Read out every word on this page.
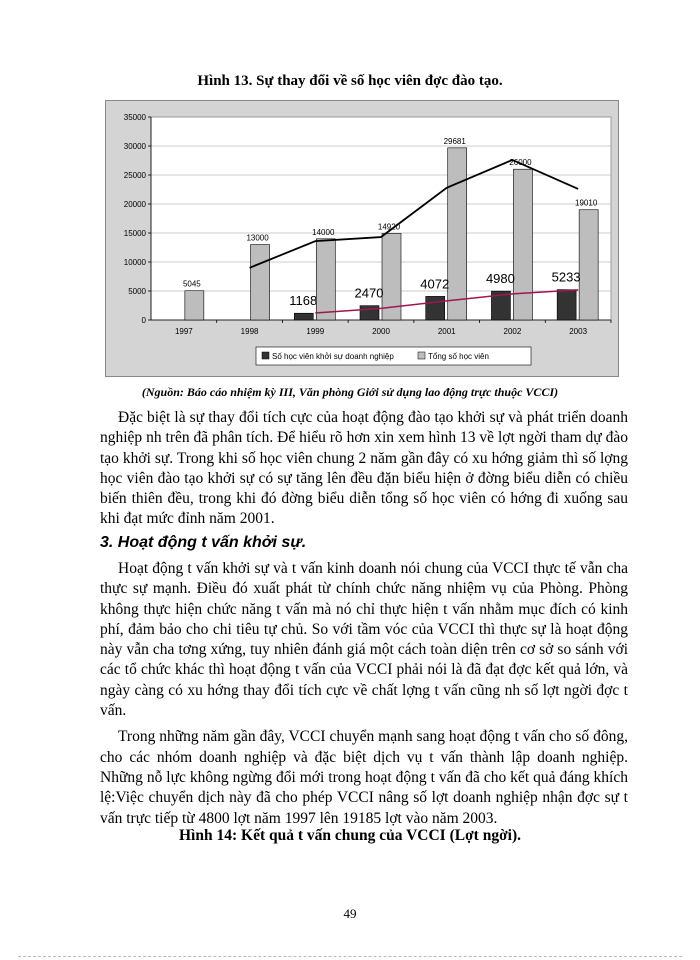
Hình 13. Sự thay đổi về số học viên đợc đào tạo.
0
5000
10000
15000
20000
25000
30000
35000
1997	1998	1999	2000	2001	2002	2003
5045
13000
14000
1168
14920
2470
29681
4072
26000
4980
19010
5233
Số học viên khởi sự doanh nghiệp	Tổng số học viên
(Nguồn: Báo cáo nhiệm kỳ III, Văn phòng Giới sử dụng lao động trực thuộc VCCI)

Đặc biệt là sự thay đổi tích cực của hoạt động đào tạo khởi sự và phát triển doanh nghiệp nh trên đã phân tích. Để hiểu rõ hơn xin xem hình 13 về lợt ngời tham dự đào tạo khởi sự. Trong khi số học viên chung 2 năm gần đây có xu hớng giảm thì số lợng học viên đào tạo khởi sự có sự tăng lên đều đặn biểu hiện ở đờng biểu diễn có chiều biến thiên đều, trong khi đó đờng biểu diễn tổng số học viên có hớng đi xuống sau khi đạt mức đỉnh năm 2001.

3. Hoạt động t vấn khởi sự.

Hoạt động t vấn khởi sự và t vấn kinh doanh nói chung của VCCI thực tế vẫn cha thực sự mạnh. Điều đó xuất phát từ chính chức năng nhiệm vụ của Phòng. Phòng không thực hiện chức năng t vấn mà nó chỉ thực hiện t vấn nhằm mục đích có kinh phí, đảm bảo cho chi tiêu tự chủ. So với tầm vóc của VCCI thì thực sự là hoạt động này vẫn cha tơng xứng, tuy nhiên đánh giá một cách toàn diện trên cơ sở so sánh với các tổ chức khác thì hoạt động t vấn của VCCI phải nói là đã đạt đợc kết quả lớn, và ngày càng có xu hớng thay đổi tích cực về chất lợng t vấn cũng nh số lợt ngời đợc t vấn.

Trong những năm gần đây, VCCI chuyển mạnh sang hoạt động t vấn cho số đông, cho các nhóm doanh nghiệp và đặc biệt dịch vụ t vấn thành lập doanh nghiệp. Những nỗ lực không ngừng đổi mới trong hoạt động t vấn đã cho kết quả đáng khích lệ:Việc chuyển dịch này đã cho phép VCCI nâng số lợt doanh nghiệp nhận đợc sự t vấn trực tiếp từ 4800 lợt năm 1997 lên 19185 lợt vào năm 2003.

Hình 14: Kết quả t vấn chung của VCCI (Lợt ngời).
49
